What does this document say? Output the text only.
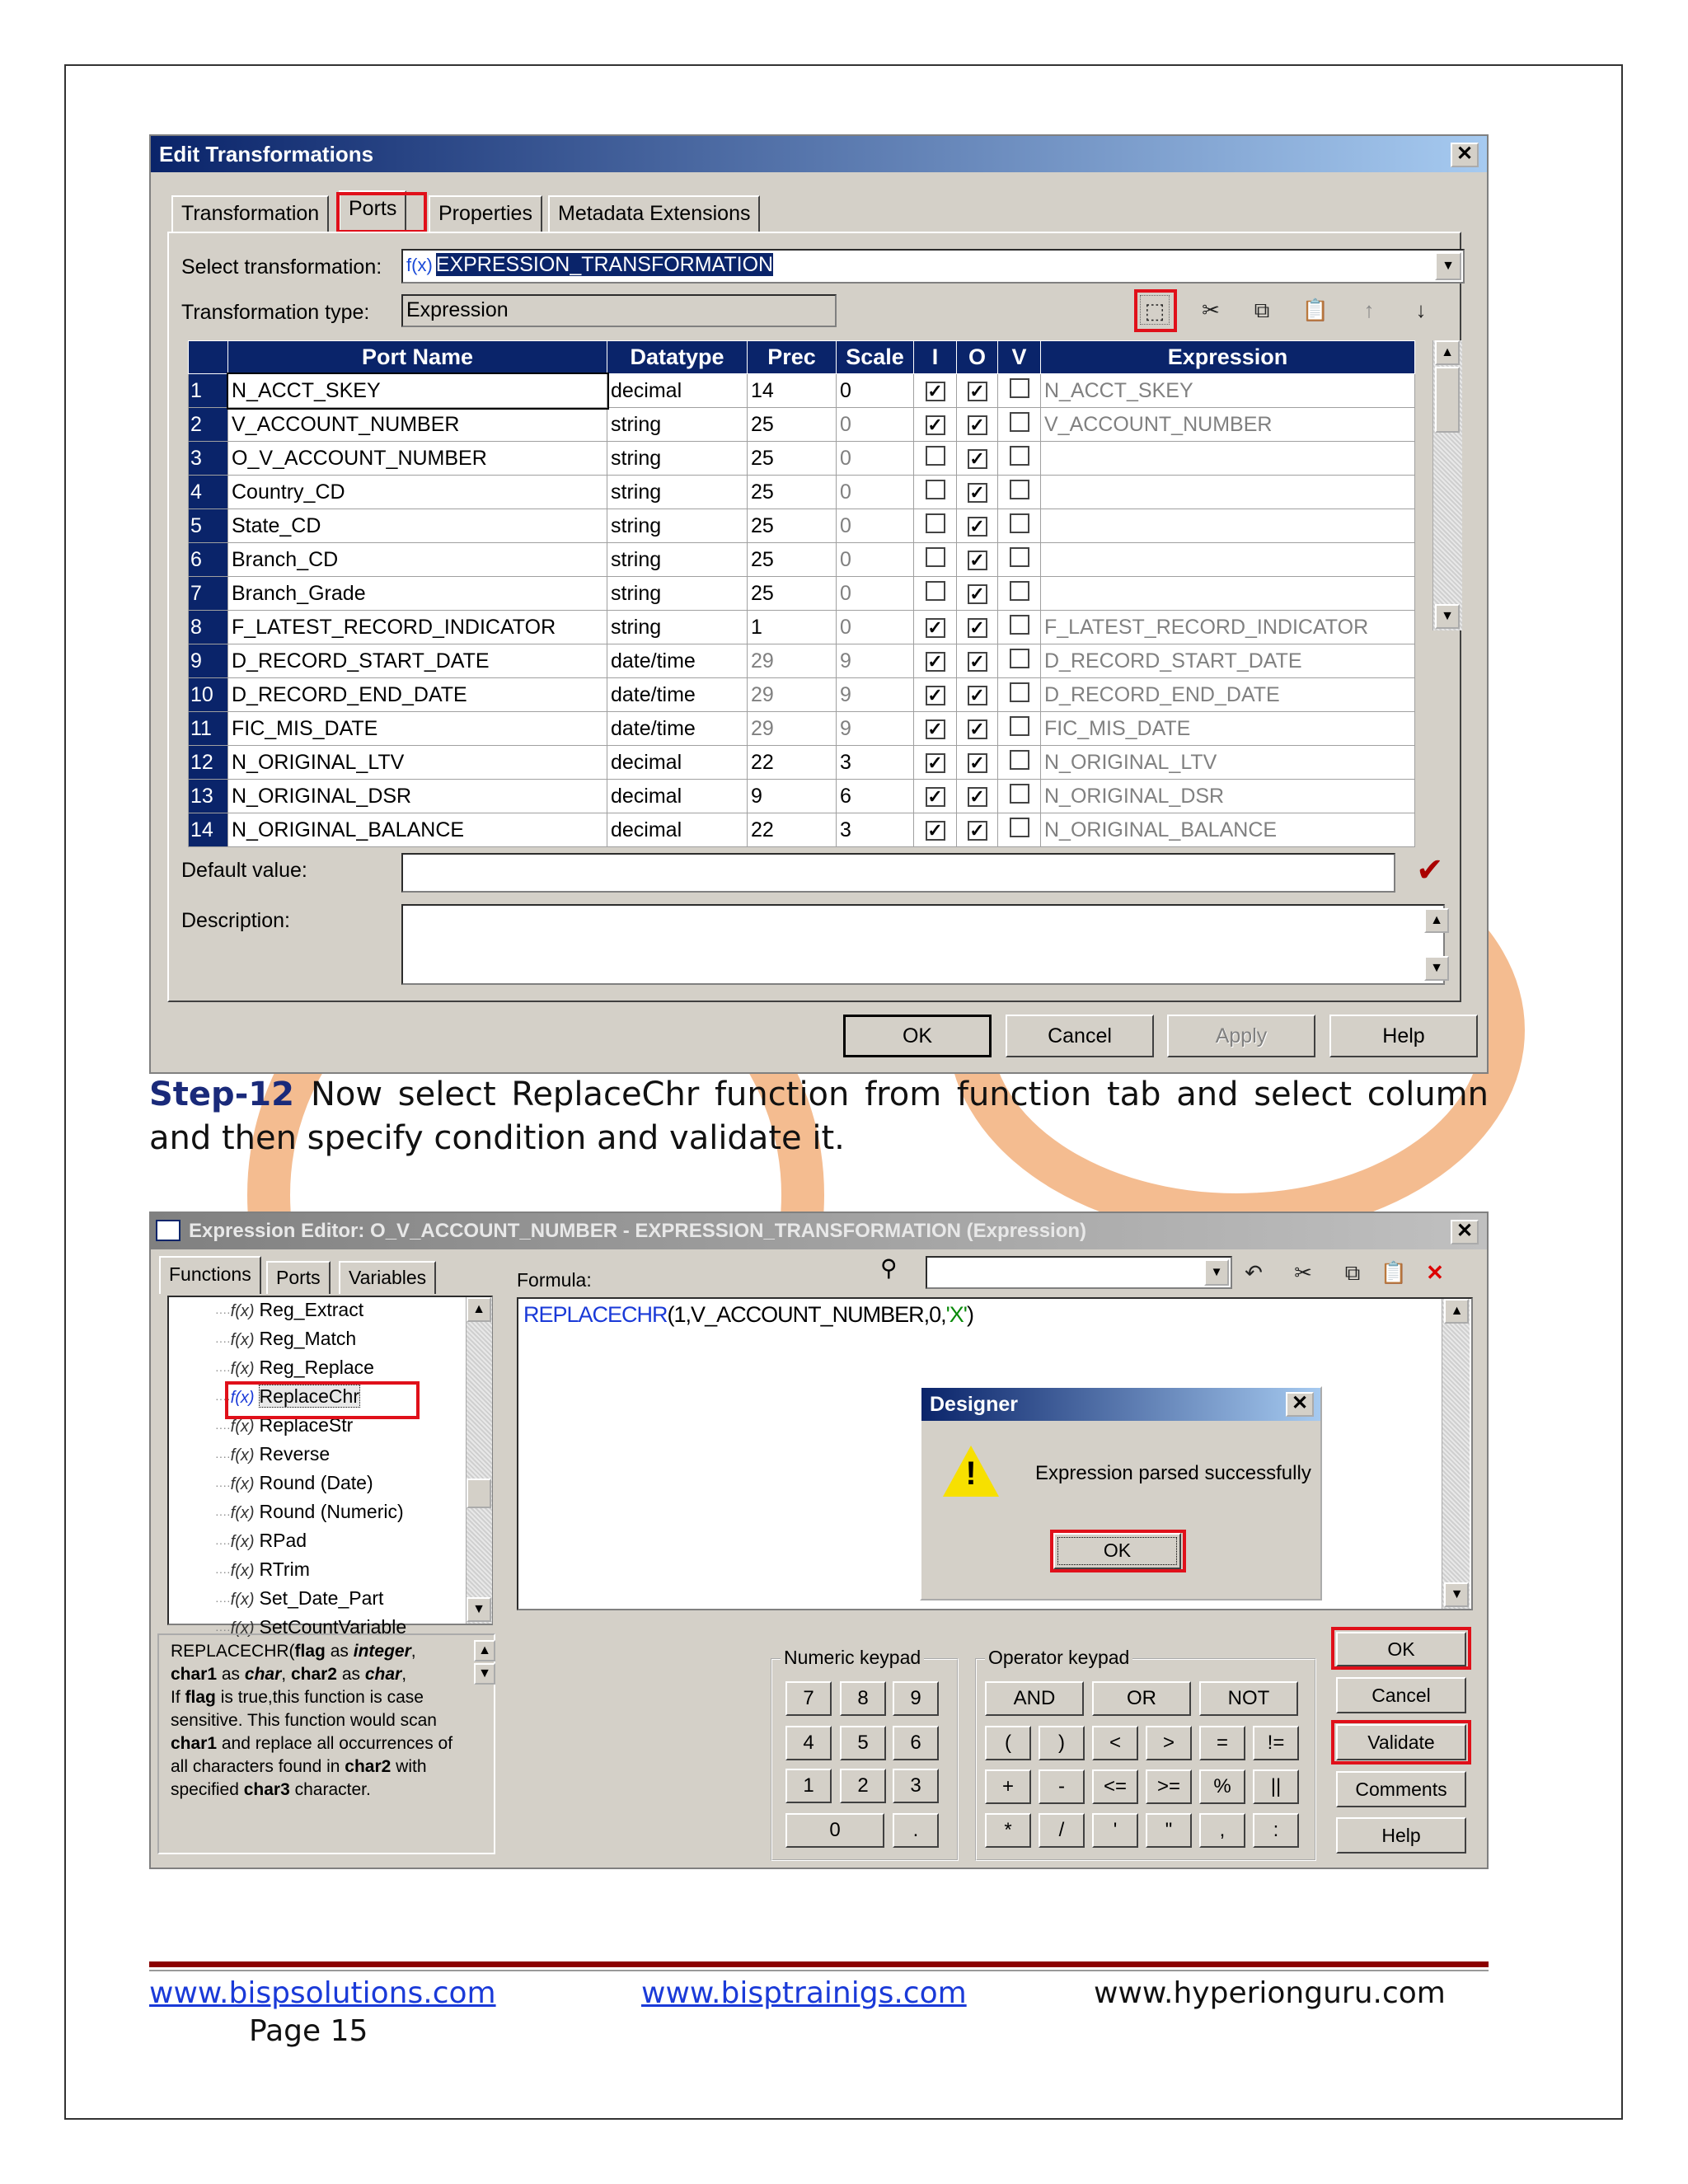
Edit Transformations	✕
Transformation	Ports	Properties	Metadata Extensions
Select transformation: f(x) EXPRESSION_TRANSFORMATION	▼
Transformation type: Expression	⬚ ✂	⧉	📋	↑	↓
	Port Name	Datatype	Prec	Scale	I	O	V	Expression
1	N_ACCT_SKEY	decimal	14	0	✓	✓		N_ACCT_SKEY
2	V_ACCOUNT_NUMBER	string	25	0	✓	✓		V_ACCOUNT_NUMBER
3	O_V_ACCOUNT_NUMBER	string	25	0		✓		
4	Country_CD	string	25	0		✓		
5	State_CD	string	25	0		✓		
6	Branch_CD	string	25	0		✓		
7	Branch_Grade	string	25	0		✓		
8	F_LATEST_RECORD_INDICATOR	string	1	0	✓	✓		F_LATEST_RECORD_INDICATOR
9	D_RECORD_START_DATE	date/time	29	9	✓	✓		D_RECORD_START_DATE
10	D_RECORD_END_DATE	date/time	29	9	✓	✓		D_RECORD_END_DATE
11	FIC_MIS_DATE	date/time	29	9	✓	✓		FIC_MIS_DATE
12	N_ORIGINAL_LTV	decimal	22	3	✓	✓		N_ORIGINAL_LTV
13	N_ORIGINAL_DSR	decimal	9	6	✓	✓		N_ORIGINAL_DSR
14	N_ORIGINAL_BALANCE	decimal	22	3	✓	✓		N_ORIGINAL_BALANCE
▲
▼
Default value:	✔
Description:	▲
▼
OK	Cancel	Apply	Help
Step-12 Now select ReplaceChr function from function tab and select column
and then specify condition and validate it.
Expression Editor: O_V_ACCOUNT_NUMBER - EXPRESSION_TRANSFORMATION (Expression)	✕
Functions	Ports	Variables
····f(x) Reg_Extract
····f(x) Reg_Match
····f(x) Reg_Replace
····f(x) ReplaceChr
····f(x) ReplaceStr
····f(x) Reverse
····f(x) Round (Date)
····f(x) Round (Numeric)
····f(x) RPad
····f(x) RTrim
····f(x) Set_Date_Part
····f(x) SetCountVariable
▲
▼
REPLACECHR(flag as integer, char1 as char, char2 as char,
If flag is true,this function is case sensitive. This function would scan char1 and replace all occurrences of all characters found in char2 with specified char3 character.
▲
▼
Formula:	⚲	▼ ↶ ✂	⧉ 📋 ✕
REPLACECHR(1,V_ACCOUNT_NUMBER,0,'X')	▲
▼
Designer	✕
!	Expression parsed successfully
OK
Numeric keypad
7	8	9
4	5	6
1	2	3
0	.
Operator keypad
AND	OR	NOT
(	)	<	>	=	!=
+	-	<=	>=	%	||
*	/	'	"	,	:
OK
Cancel
Validate
Comments
Help
www.bispsolutions.com	www.bisptrainigs.com	www.hyperionguru.com
Page 15
